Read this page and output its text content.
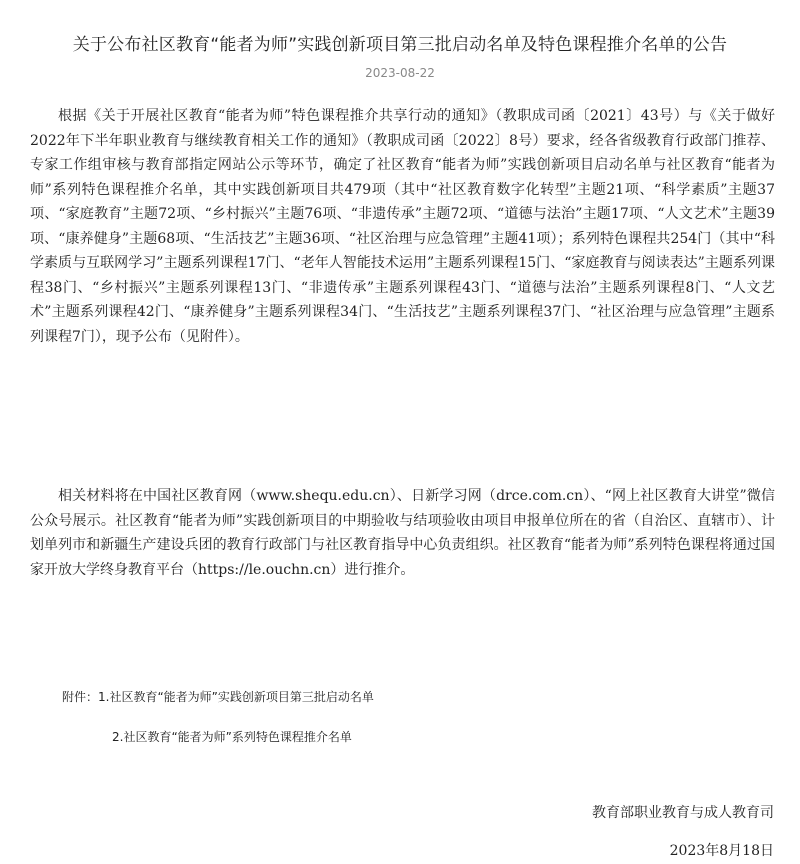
关于公布社区教育“能者为师”实践创新项目第三批启动名单及特色课程推介名单的公告
2023-08-22

根据《关于开展社区教育“能者为师”特色课程推介共享行动的通知》（教职成司函〔2021〕43号）与《关于做好2022年下半年职业教育与继续教育相关工作的通知》（教职成司函〔2022〕8号）要求，经各省级教育行政部门推荐、专家工作组审核与教育部指定网站公示等环节，确定了社区教育“能者为师”实践创新项目启动名单与社区教育“能者为师”系列特色课程推介名单，其中实践创新项目共479项（其中“社区教育数字化转型”主题21项、“科学素质”主题37项、“家庭教育”主题72项、“乡村振兴”主题76项、“非遗传承”主题72项、“道德与法治”主题17项、“人文艺术”主题39项、“康养健身”主题68项、“生活技艺”主题36项、“社区治理与应急管理”主题41项）；系列特色课程共254门（其中“科学素质与互联网学习”主题系列课程17门、“老年人智能技术运用”主题系列课程15门、“家庭教育与阅读表达”主题系列课程38门、“乡村振兴”主题系列课程13门、“非遗传承”主题系列课程43门、“道德与法治”主题系列课程8门、“人文艺术”主题系列课程42门、“康养健身”主题系列课程34门、“生活技艺”主题系列课程37门、“社区治理与应急管理”主题系列课程7门），现予公布（见附件）。

相关材料将在中国社区教育网（www.shequ.edu.cn）、日新学习网（drce.com.cn）、“网上社区教育大讲堂”微信公众号展示。社区教育“能者为师”实践创新项目的中期验收与结项验收由项目申报单位所在的省（自治区、直辖市）、计划单列市和新疆生产建设兵团的教育行政部门与社区教育指导中心负责组织。社区教育“能者为师”系列特色课程将通过国家开放大学终身教育平台（https://le.ouchn.cn）进行推介。

附件：1.社区教育“能者为师”实践创新项目第三批启动名单
2.社区教育“能者为师”系列特色课程推介名单
教育部职业教育与成人教育司
2023年8月18日
